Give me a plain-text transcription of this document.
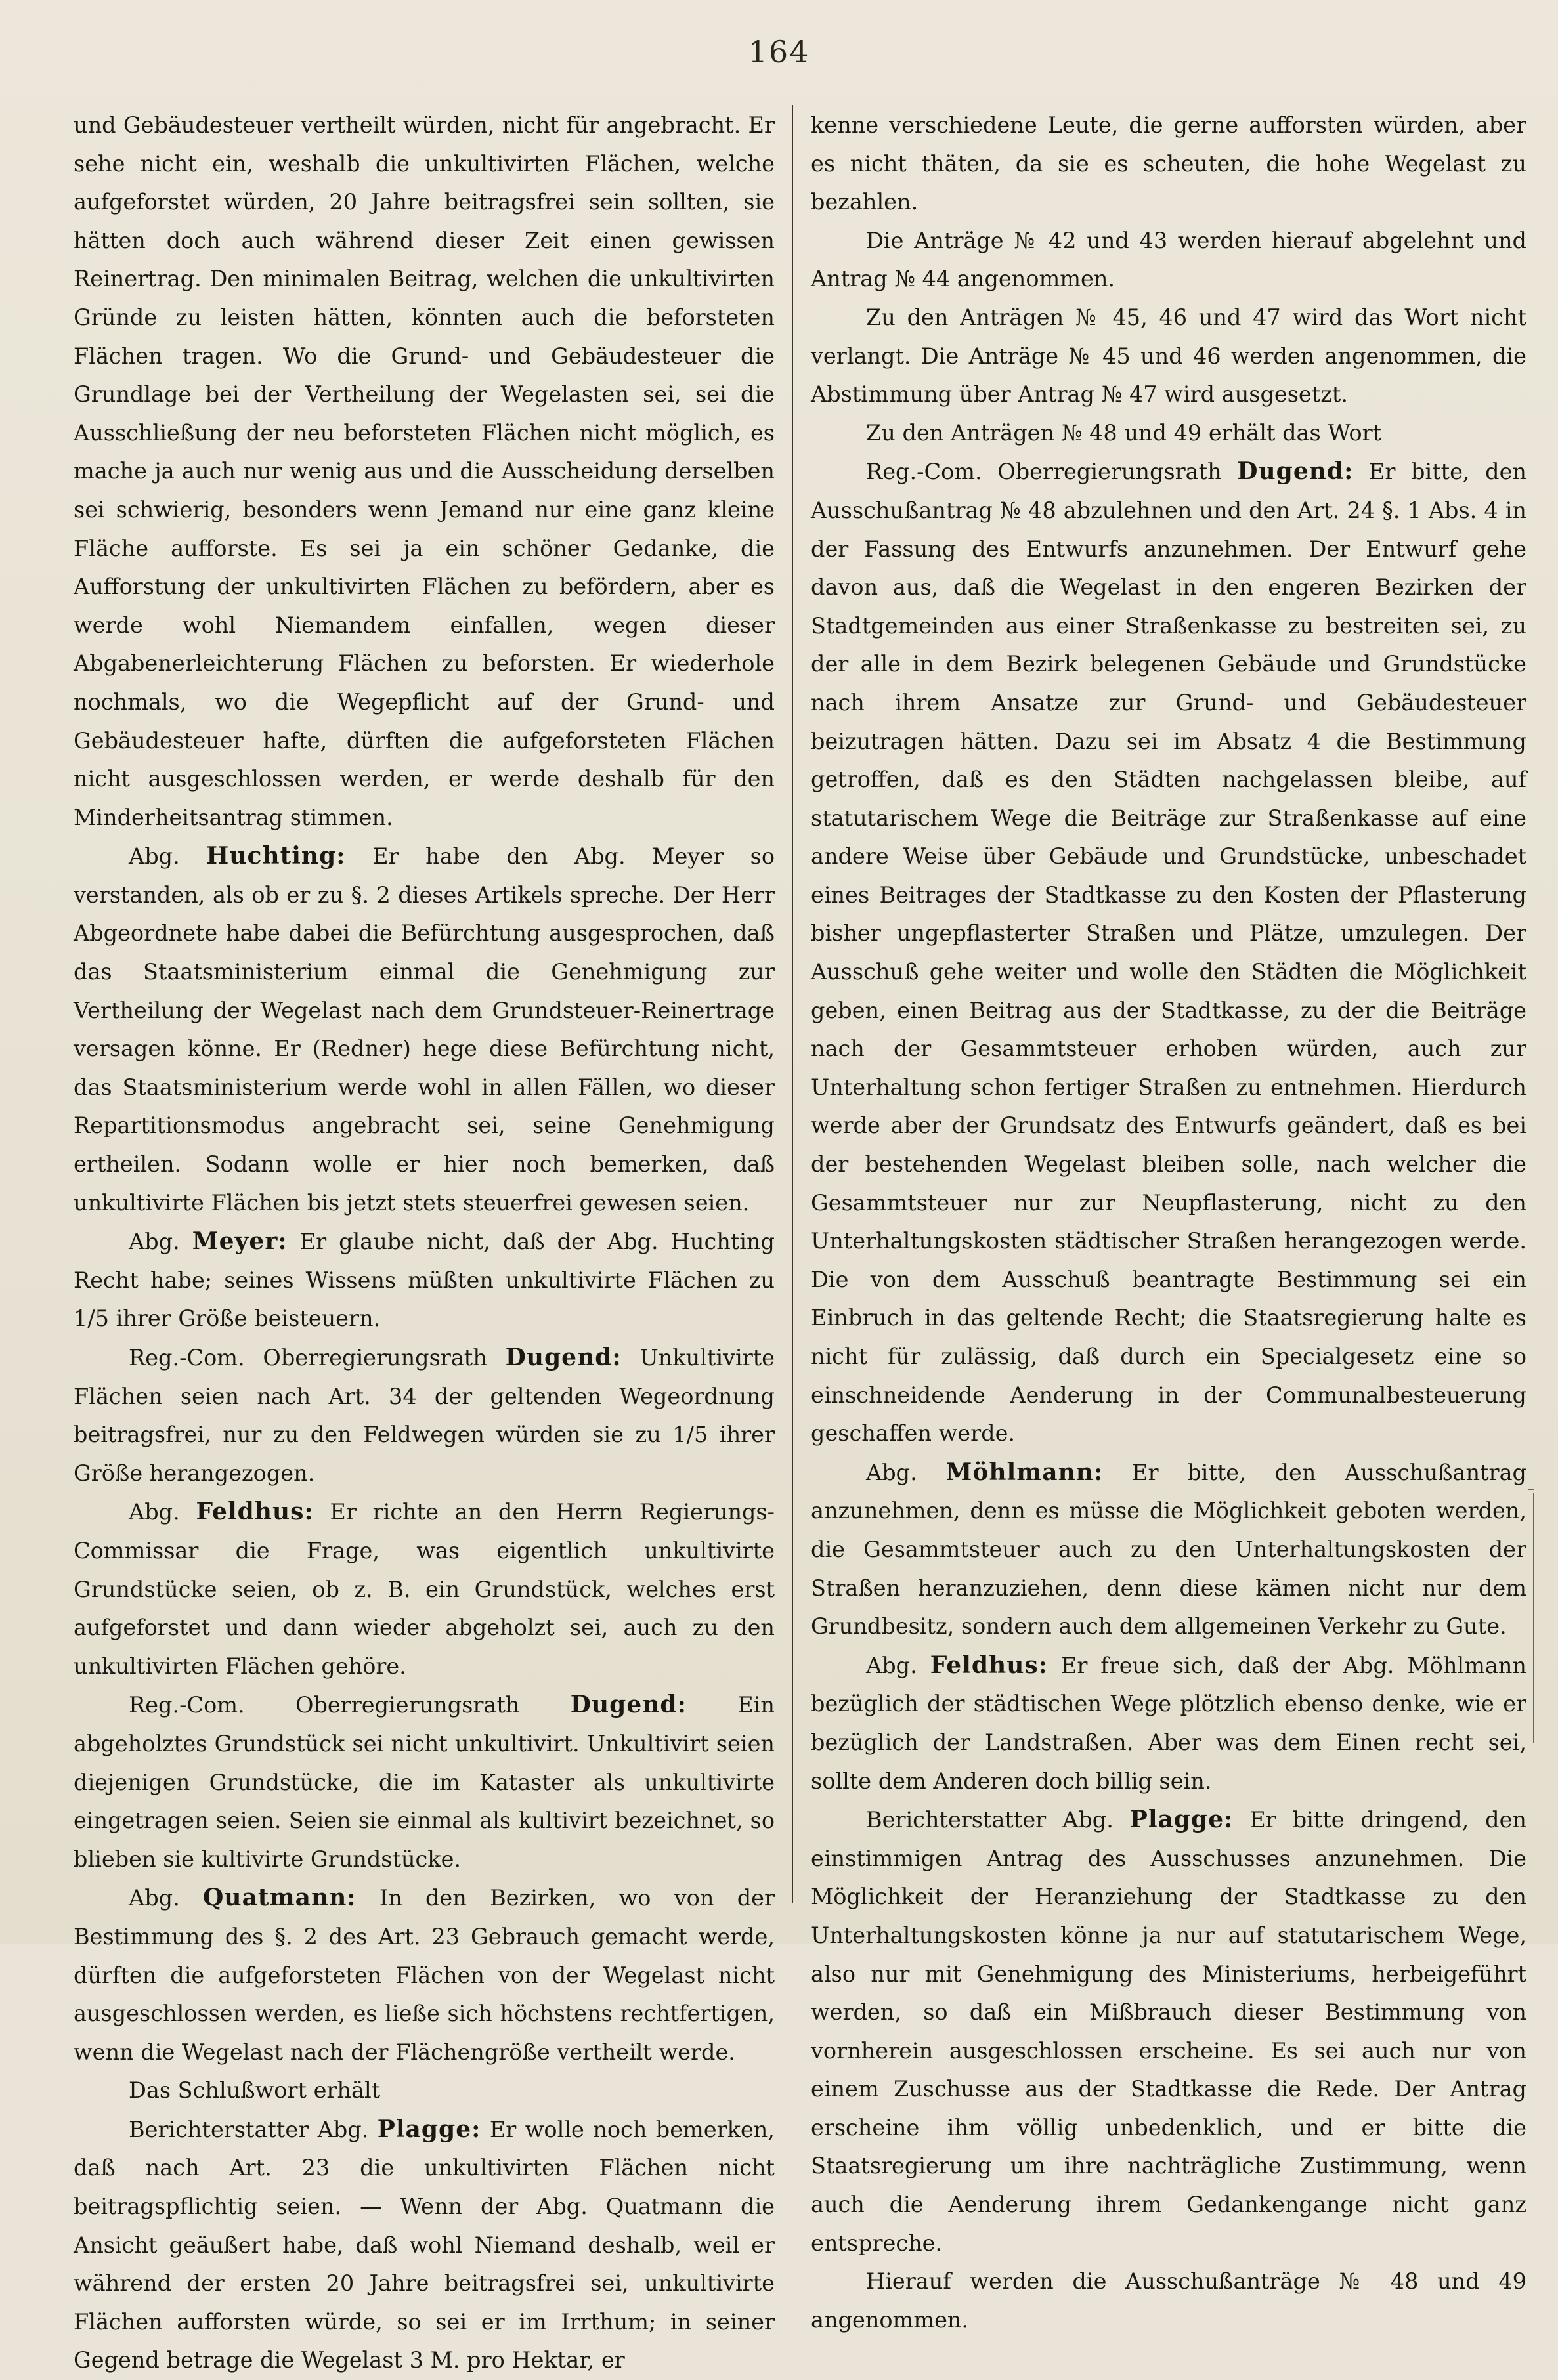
164

und Gebäudesteuer vertheilt würden, nicht für angebracht. Er sehe nicht ein, weshalb die unkultivirten Flächen, welche aufgeforstet würden, 20 Jahre beitragsfrei sein sollten, sie hätten doch auch während dieser Zeit einen gewissen Reinertrag. Den minimalen Beitrag, welchen die unkultivirten Gründe zu leisten hätten, könnten auch die beforsteten Flächen tragen. Wo die Grund- und Gebäudesteuer die Grundlage bei der Vertheilung der Wegelasten sei, sei die Ausschließung der neu beforsteten Flächen nicht möglich, es mache ja auch nur wenig aus und die Ausscheidung derselben sei schwierig, besonders wenn Jemand nur eine ganz kleine Fläche aufforste. Es sei ja ein schöner Gedanke, die Aufforstung der unkultivirten Flächen zu befördern, aber es werde wohl Niemandem einfallen, wegen dieser Abgabenerleichterung Flächen zu beforsten. Er wiederhole nochmals, wo die Wegepflicht auf der Grund- und Gebäudesteuer hafte, dürften die aufgeforsteten Flächen nicht ausgeschlossen werden, er werde deshalb für den Minderheitsantrag stimmen.

Abg. Huchting: Er habe den Abg. Meyer so verstanden, als ob er zu §. 2 dieses Artikels spreche. Der Herr Abgeordnete habe dabei die Befürchtung ausgesprochen, daß das Staatsministerium einmal die Genehmigung zur Vertheilung der Wegelast nach dem Grundsteuer-Reinertrage versagen könne. Er (Redner) hege diese Befürchtung nicht, das Staatsministerium werde wohl in allen Fällen, wo dieser Repartitionsmodus angebracht sei, seine Genehmigung ertheilen. Sodann wolle er hier noch bemerken, daß unkultivirte Flächen bis jetzt stets steuerfrei gewesen seien.

Abg. Meyer: Er glaube nicht, daß der Abg. Huchting Recht habe; seines Wissens müßten unkultivirte Flächen zu 1/5 ihrer Größe beisteuern.

Reg.-Com. Oberregierungsrath Dugend: Unkultivirte Flächen seien nach Art. 34 der geltenden Wegeordnung beitragsfrei, nur zu den Feldwegen würden sie zu 1/5 ihrer Größe herangezogen.

Abg. Feldhus: Er richte an den Herrn Regierungs-Commissar die Frage, was eigentlich unkultivirte Grundstücke seien, ob z. B. ein Grundstück, welches erst aufgeforstet und dann wieder abgeholzt sei, auch zu den unkultivirten Flächen gehöre.

Reg.-Com. Oberregierungsrath Dugend: Ein abgeholztes Grundstück sei nicht unkultivirt. Unkultivirt seien diejenigen Grundstücke, die im Kataster als unkultivirte eingetragen seien. Seien sie einmal als kultivirt bezeichnet, so blieben sie kultivirte Grundstücke.

Abg. Quatmann: In den Bezirken, wo von der Bestimmung des §. 2 des Art. 23 Gebrauch gemacht werde, dürften die aufgeforsteten Flächen von der Wegelast nicht ausgeschlossen werden, es ließe sich höchstens rechtfertigen, wenn die Wegelast nach der Flächengröße vertheilt werde.

Das Schlußwort erhält

Berichterstatter Abg. Plagge: Er wolle noch bemerken, daß nach Art. 23 die unkultivirten Flächen nicht beitragspflichtig seien. — Wenn der Abg. Quatmann die Ansicht geäußert habe, daß wohl Niemand deshalb, weil er während der ersten 20 Jahre beitragsfrei sei, unkultivirte Flächen aufforsten würde, so sei er im Irrthum; in seiner Gegend betrage die Wegelast 3 M. pro Hektar, er

kenne verschiedene Leute, die gerne aufforsten würden, aber es nicht thäten, da sie es scheuten, die hohe Wegelast zu bezahlen.

Die Anträge № 42 und 43 werden hierauf abgelehnt und Antrag № 44 angenommen.

Zu den Anträgen № 45, 46 und 47 wird das Wort nicht verlangt. Die Anträge № 45 und 46 werden angenommen, die Abstimmung über Antrag № 47 wird ausgesetzt.

Zu den Anträgen № 48 und 49 erhält das Wort

Reg.-Com. Oberregierungsrath Dugend: Er bitte, den Ausschußantrag № 48 abzulehnen und den Art. 24 §. 1 Abs. 4 in der Fassung des Entwurfs anzunehmen. Der Entwurf gehe davon aus, daß die Wegelast in den engeren Bezirken der Stadtgemeinden aus einer Straßenkasse zu bestreiten sei, zu der alle in dem Bezirk belegenen Gebäude und Grundstücke nach ihrem Ansatze zur Grund- und Gebäudesteuer beizutragen hätten. Dazu sei im Absatz 4 die Bestimmung getroffen, daß es den Städten nachgelassen bleibe, auf statutarischem Wege die Beiträge zur Straßenkasse auf eine andere Weise über Gebäude und Grundstücke, unbeschadet eines Beitrages der Stadtkasse zu den Kosten der Pflasterung bisher ungepflasterter Straßen und Plätze, umzulegen. Der Ausschuß gehe weiter und wolle den Städten die Möglichkeit geben, einen Beitrag aus der Stadtkasse, zu der die Beiträge nach der Gesammtsteuer erhoben würden, auch zur Unterhaltung schon fertiger Straßen zu entnehmen. Hierdurch werde aber der Grundsatz des Entwurfs geändert, daß es bei der bestehenden Wegelast bleiben solle, nach welcher die Gesammtsteuer nur zur Neupflasterung, nicht zu den Unterhaltungskosten städtischer Straßen herangezogen werde. Die von dem Ausschuß beantragte Bestimmung sei ein Einbruch in das geltende Recht; die Staatsregierung halte es nicht für zulässig, daß durch ein Specialgesetz eine so einschneidende Aenderung in der Communalbesteuerung geschaffen werde.

Abg. Möhlmann: Er bitte, den Ausschußantrag anzunehmen, denn es müsse die Möglichkeit geboten werden, die Gesammtsteuer auch zu den Unterhaltungskosten der Straßen heranzuziehen, denn diese kämen nicht nur dem Grundbesitz, sondern auch dem allgemeinen Verkehr zu Gute.

Abg. Feldhus: Er freue sich, daß der Abg. Möhlmann bezüglich der städtischen Wege plötzlich ebenso denke, wie er bezüglich der Landstraßen. Aber was dem Einen recht sei, sollte dem Anderen doch billig sein.

Berichterstatter Abg. Plagge: Er bitte dringend, den einstimmigen Antrag des Ausschusses anzunehmen. Die Möglichkeit der Heranziehung der Stadtkasse zu den Unterhaltungskosten könne ja nur auf statutarischem Wege, also nur mit Genehmigung des Ministeriums, herbeigeführt werden, so daß ein Mißbrauch dieser Bestimmung von vornherein ausgeschlossen erscheine. Es sei auch nur von einem Zuschusse aus der Stadtkasse die Rede. Der Antrag erscheine ihm völlig unbedenklich, und er bitte die Staatsregierung um ihre nachträgliche Zustimmung, wenn auch die Aenderung ihrem Gedankengange nicht ganz entspreche.

Hierauf werden die Ausschußanträge № 48 und 49 angenommen.
